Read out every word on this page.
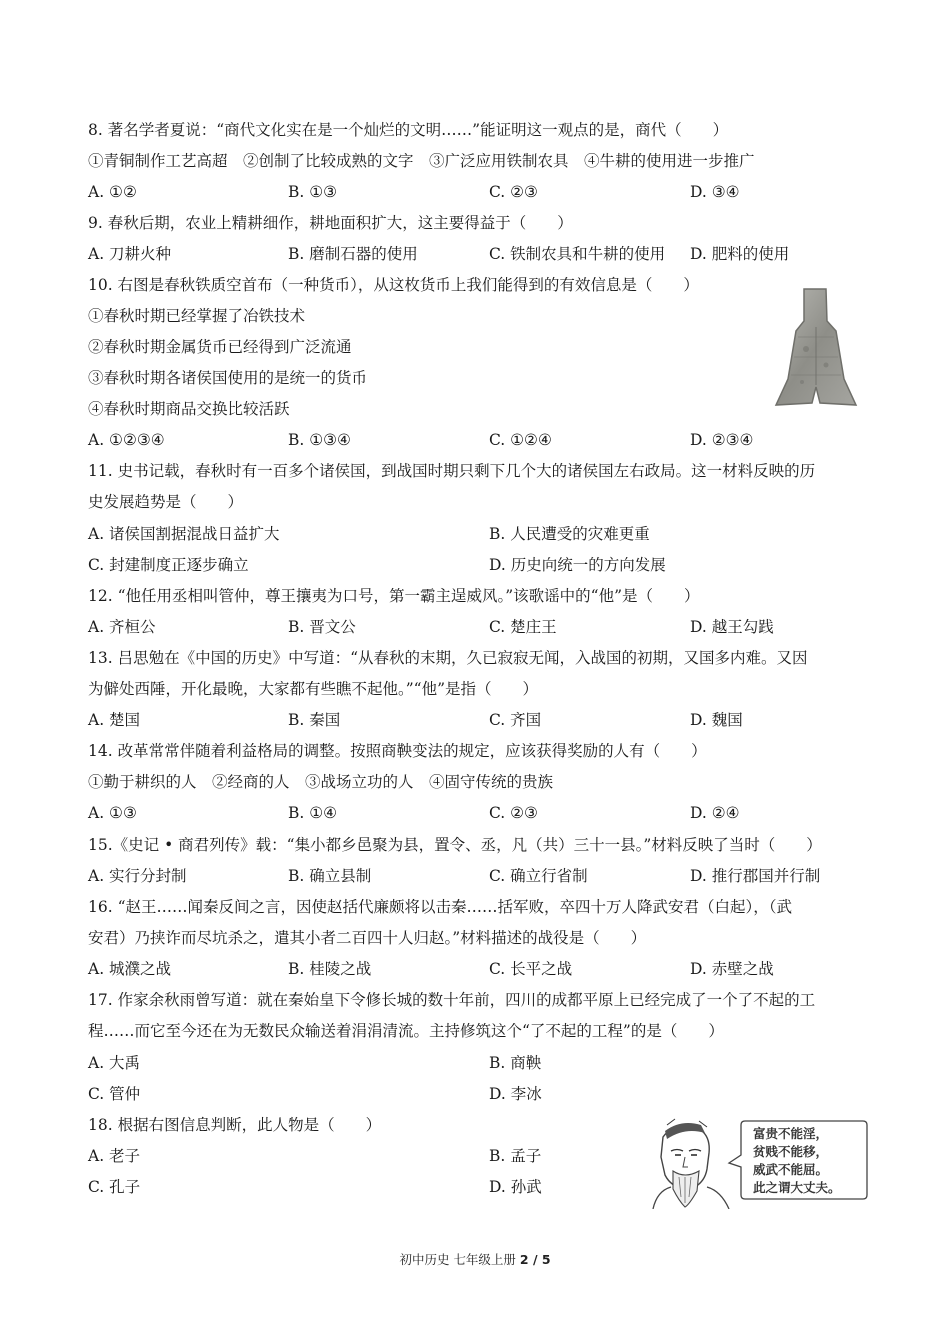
8. 著名学者夏说：“商代文化实在是一个灿烂的文明……”能证明这一观点的是，商代（　　）
①青铜制作工艺高超　②创制了比较成熟的文字　③广泛应用铁制农具　④牛耕的使用进一步推广
A. ①②	B. ①③	C. ②③	D. ③④
9. 春秋后期，农业上精耕细作，耕地面积扩大，这主要得益于（　　）
A. 刀耕火种	B. 磨制石器的使用	C. 铁制农具和牛耕的使用 D. 肥料的使用
10. 右图是春秋铁质空首布（一种货币），从这枚货币上我们能得到的有效信息是（　　）
①春秋时期已经掌握了冶铁技术
②春秋时期金属货币已经得到广泛流通
③春秋时期各诸侯国使用的是统一的货币
④春秋时期商品交换比较活跃
A. ①②③④	B. ①③④	C. ①②④	D. ②③④
11. 史书记载，春秋时有一百多个诸侯国，到战国时期只剩下几个大的诸侯国左右政局。这一材料反映的历
史发展趋势是（　　）
A. 诸侯国割据混战日益扩大	B. 人民遭受的灾难更重
C. 封建制度正逐步确立	D. 历史向统一的方向发展
12. “他任用丞相叫管仲，尊王攘夷为口号，第一霸主逞威风。”该歌谣中的“他”是（　　）
A. 齐桓公	B. 晋文公	C. 楚庄王	D. 越王勾践
13. 吕思勉在《中国的历史》中写道：“从春秋的末期，久已寂寂无闻，入战国的初期，又国多内难。又因
为僻处西陲，开化最晚，大家都有些瞧不起他。”“他”是指（　　）
A. 楚国	B. 秦国	C. 齐国	D. 魏国
14. 改革常常伴随着利益格局的调整。按照商鞅变法的规定，应该获得奖励的人有（　　）
①勤于耕织的人　②经商的人　③战场立功的人　④固守传统的贵族
A. ①③	B. ①④	C. ②③	D. ②④
15.《史记 • 商君列传》载：“集小都乡邑聚为县，置令、丞，凡（共）三十一县。”材料反映了当时（　　）
A. 实行分封制	B. 确立县制	C. 确立行省制	D. 推行郡国并行制
16. “赵王……闻秦反间之言，因使赵括代廉颇将以击秦……括军败，卒四十万人降武安君（白起），（武
安君）乃挟诈而尽坑杀之，遣其小者二百四十人归赵。”材料描述的战役是（　　）
A. 城濮之战	B. 桂陵之战	C. 长平之战	D. 赤壁之战
17. 作家余秋雨曾写道：就在秦始皇下令修长城的数十年前，四川的成都平原上已经完成了一个了不起的工
程……而它至今还在为无数民众输送着涓涓清流。主持修筑这个“了不起的工程”的是（　　）
A. 大禹	B. 商鞅
C. 管仲	D. 李冰
18. 根据右图信息判断，此人物是（　　）
A. 老子	B. 孟子
C. 孔子	D. 孙武
富贵不能淫，
贫贱不能移，
威武不能屈。
此之谓大丈夫。
初中历史 七年级上册 2 / 5
